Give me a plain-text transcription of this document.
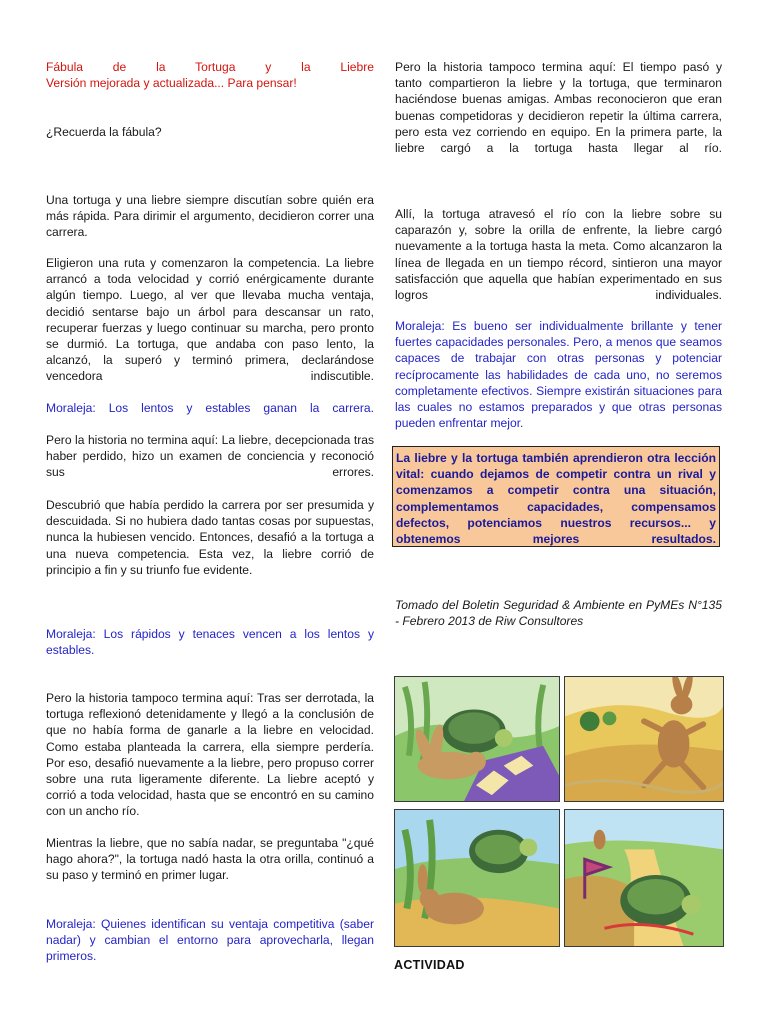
Fábula de la Tortuga y la Liebre

Versión mejorada y actualizada... Para pensar!

¿Recuerda la fábula?

Una tortuga y una liebre siempre discutían sobre quién era más rápida. Para dirimir el argumento, decidieron correr una carrera.

Eligieron una ruta y comenzaron la competencia. La liebre arrancó a toda velocidad y corrió enérgicamente durante algún tiempo. Luego, al ver que llevaba mucha ventaja, decidió sentarse bajo un árbol para descansar un rato, recuperar fuerzas y luego continuar su marcha, pero pronto se durmió. La tortuga, que andaba con paso lento, la alcanzó, la superó y terminó primera, declarándose vencedora indiscutible.

Moraleja: Los lentos y estables ganan la carrera.

Pero la historia no termina aquí: La liebre, decepcionada tras haber perdido, hizo un examen de conciencia y reconoció sus errores.

Descubrió que había perdido la carrera por ser presumida y descuidada. Si no hubiera dado tantas cosas por supuestas, nunca la hubiesen vencido. Entonces, desafió a la tortuga a una nueva competencia. Esta vez, la liebre corrió de principio a fin y su triunfo fue evidente.

Moraleja: Los rápidos y tenaces vencen a los lentos y estables.

Pero la historia tampoco termina aquí: Tras ser derrotada, la tortuga reflexionó detenidamente y llegó a la conclusión de que no había forma de ganarle a la liebre en velocidad. Como estaba planteada la carrera, ella siempre perdería. Por eso, desafió nuevamente a la liebre, pero propuso correr sobre una ruta ligeramente diferente. La liebre aceptó y corrió a toda velocidad, hasta que se encontró en su camino con un ancho río.

Mientras la liebre, que no sabía nadar, se preguntaba "¿qué hago ahora?", la tortuga nadó hasta la otra orilla, continuó a su paso y terminó en primer lugar.

Moraleja: Quienes identifican su ventaja competitiva (saber nadar) y cambian el entorno para aprovecharla, llegan primeros.

Pero la historia tampoco termina aquí: El tiempo pasó y tanto compartieron la liebre y la tortuga, que terminaron haciéndose buenas amigas. Ambas reconocieron que eran buenas competidoras y decidieron repetir la última carrera, pero esta vez corriendo en equipo. En la primera parte, la liebre cargó a la tortuga hasta llegar al río.

Allí, la tortuga atravesó el río con la liebre sobre su caparazón y, sobre la orilla de enfrente, la liebre cargó nuevamente a la tortuga hasta la meta. Como alcanzaron la línea de llegada en un tiempo récord, sintieron una mayor satisfacción que aquella que habían experimentado en sus logros individuales.

Moraleja: Es bueno ser individualmente brillante y tener fuertes capacidades personales. Pero, a menos que seamos capaces de trabajar con otras personas y potenciar recíprocamente las habilidades de cada uno, no seremos completamente efectivos. Siempre existirán situaciones para las cuales no estamos preparados y que otras personas pueden enfrentar mejor.

La liebre y la tortuga también aprendieron otra lección vital: cuando dejamos de competir contra un rival y comenzamos a competir contra una situación, complementamos capacidades, compensamos defectos, potenciamos nuestros recursos... y obtenemos mejores resultados.

Tomado del Boletin Seguridad & Ambiente en PyMEs N°135 - Febrero 2013 de Riw Consultores

ACTIVIDAD
